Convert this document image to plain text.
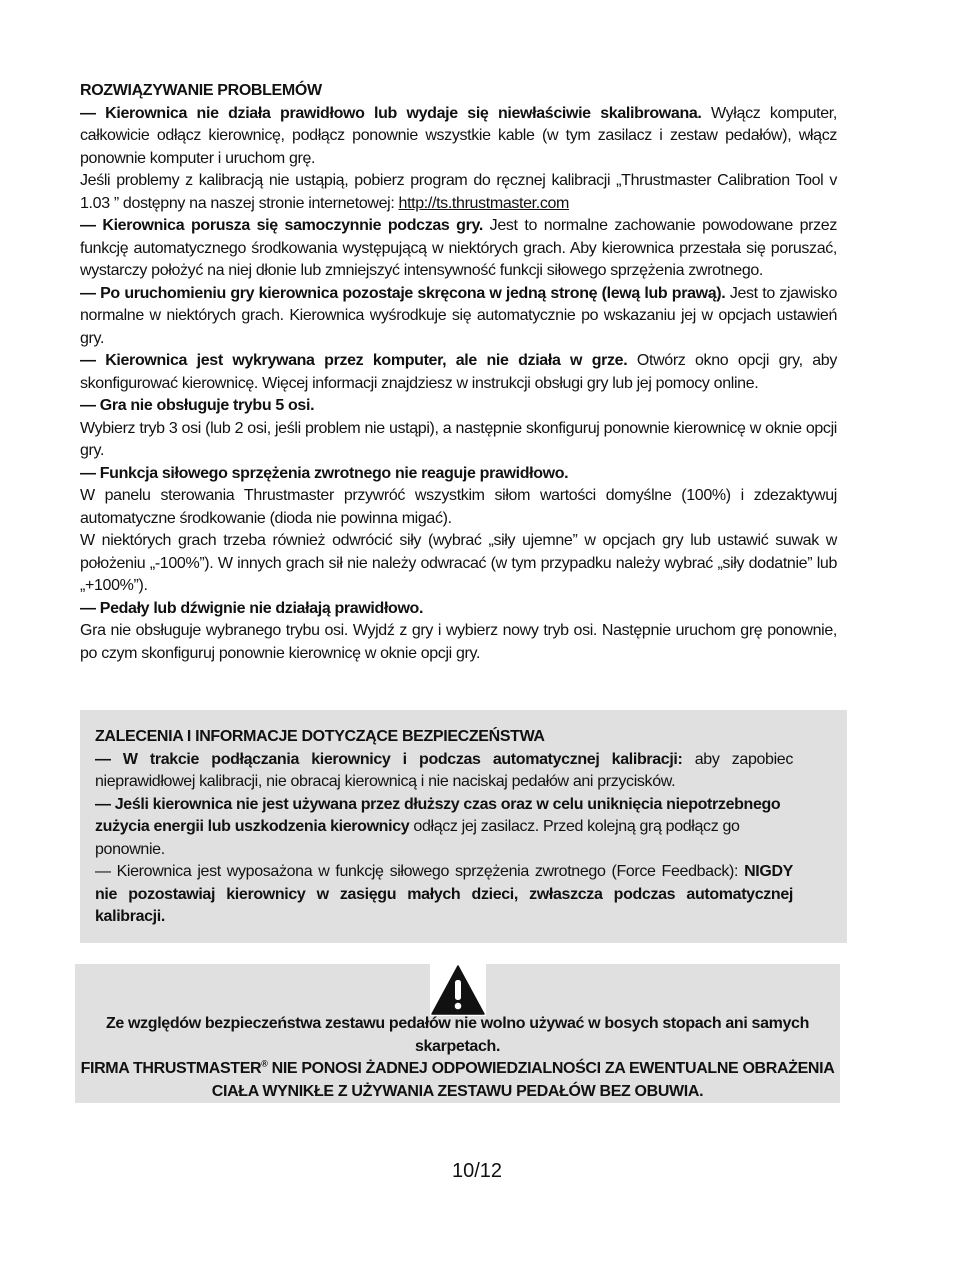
ROZWIĄZYWANIE PROBLEMÓW

— Kierownica nie działa prawidłowo lub wydaje się niewłaściwie skalibrowana. Wyłącz komputer, całkowicie odłącz kierownicę, podłącz ponownie wszystkie kable (w tym zasilacz i zestaw pedałów), włącz ponownie komputer i uruchom grę.

Jeśli problemy z kalibracją nie ustąpią, pobierz program do ręcznej kalibracji „Thrustmaster Calibration Tool v 1.03 ” dostępny na naszej stronie internetowej: http://ts.thrustmaster.com

— Kierownica porusza się samoczynnie podczas gry. Jest to normalne zachowanie powodowane przez funkcję automatycznego środkowania występującą w niektórych grach. Aby kierownica przestała się poruszać, wystarczy położyć na niej dłonie lub zmniejszyć intensywność funkcji siłowego sprzężenia zwrotnego.

— Po uruchomieniu gry kierownica pozostaje skręcona w jedną stronę (lewą lub prawą). Jest to zjawisko normalne w niektórych grach. Kierownica wyśrodkuje się automatycznie po wskazaniu jej w opcjach ustawień gry.

— Kierownica jest wykrywana przez komputer, ale nie działa w grze. Otwórz okno opcji gry, aby skonfigurować kierownicę. Więcej informacji znajdziesz w instrukcji obsługi gry lub jej pomocy online.

— Gra nie obsługuje trybu 5 osi.

Wybierz tryb 3 osi (lub 2 osi, jeśli problem nie ustąpi), a następnie skonfiguruj ponownie kierownicę w oknie opcji gry.

— Funkcja siłowego sprzężenia zwrotnego nie reaguje prawidłowo.

W panelu sterowania Thrustmaster przywróć wszystkim siłom wartości domyślne (100%) i zdezaktywuj automatyczne środkowanie (dioda nie powinna migać).

W niektórych grach trzeba również odwrócić siły (wybrać „siły ujemne” w opcjach gry lub ustawić suwak w położeniu „-100%”). W innych grach sił nie należy odwracać (w tym przypadku należy wybrać „siły dodatnie” lub „+100%”).

— Pedały lub dźwignie nie działają prawidłowo.

Gra nie obsługuje wybranego trybu osi. Wyjdź z gry i wybierz nowy tryb osi. Następnie uruchom grę ponownie, po czym skonfiguruj ponownie kierownicę w oknie opcji gry.

ZALECENIA I INFORMACJE DOTYCZĄCE BEZPIECZEŃSTWA

— W trakcie podłączania kierownicy i podczas automatycznej kalibracji: aby zapobiec nieprawidłowej kalibracji, nie obracaj kierownicą i nie naciskaj pedałów ani przycisków.

— Jeśli kierownica nie jest używana przez dłuższy czas oraz w celu uniknięcia niepotrzebnego zużycia energii lub uszkodzenia kierownicy odłącz jej zasilacz. Przed kolejną grą podłącz go ponownie.

— Kierownica jest wyposażona w funkcję siłowego sprzężenia zwrotnego (Force Feedback): NIGDY nie pozostawiaj kierownicy w zasięgu małych dzieci, zwłaszcza podczas automatycznej kalibracji.

Ze względów bezpieczeństwa zestawu pedałów nie wolno używać w bosych stopach ani samych skarpetach.

FIRMA THRUSTMASTER® NIE PONOSI ŻADNEJ ODPOWIEDZIALNOŚCI ZA EWENTUALNE OBRAŻENIA CIAŁA WYNIKŁE Z UŻYWANIA ZESTAWU PEDAŁÓW BEZ OBUWIA.

10/12
